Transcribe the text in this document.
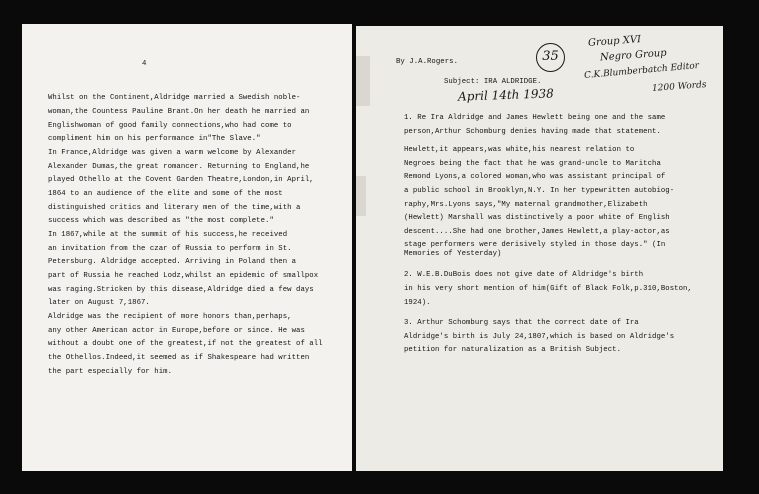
4
Whilst on the Continent,Aldridge married a Swedish noble-
woman,the Countess Pauline Brant.On her death he married an
Englishwoman of good family connections,who had come to
compliment him on his performance in"The Slave."
In France,Aldridge was given a warm welcome by Alexander
Alexander Dumas,the great romancer. Returning to England,he
played Othello at the Covent Garden Theatre,London,in April,
1864 to an audience of the elite and some of the most
distinguished critics and literary men of the time,with a
success which was described as "the most complete."
In 1867,while at the summit of his success,he received
an invitation from the czar of Russia to perform in St.
Petersburg. Aldridge accepted. Arriving in Poland then a
part of Russia he reached Lodz,whilst an epidemic of smallpox
was raging.Stricken by this disease,Aldridge died a few days
later on August 7,1867.
Aldridge was the recipient of more honors than,perhaps,
any other American actor in Europe,before or since. He was
without a doubt one of the greatest,if not the greatest of all
the Othellos.Indeed,it seemed as if Shakespeare had written
the part especially for him.
35
Group XVI
Negro Group
C.K.Blumberbatch Editor
1200 Words
By J.A.Rogers.
Subject: IRA ALDRIDGE.
April 14th 1938
1. Re Ira Aldridge and James Hewlett being one and the same
person,Arthur Schomburg denies having made that statement.
Hewlett,it appears,was white,his nearest relation to
Negroes being the fact that he was grand-uncle to Maritcha
Remond Lyons,a colored woman,who was assistant principal of
a public school in Brooklyn,N.Y. In her typewritten autobiog-
raphy,Mrs.Lyons says,"My maternal grandmother,Elizabeth
(Hewlett) Marshall was distinctively a poor white of English
descent....She had one brother,James Hewlett,a play-actor,as
stage performers were derisively styled in those days." (In
Memories of Yesterday)
2. W.E.B.DuBois does not give date of Aldridge's birth
in his very short mention of him(Gift of Black Folk,p.310,Boston,
1924).
3. Arthur Schomburg says that the correct date of Ira
Aldridge's birth is July 24,1807,which is based on Aldridge's
petition for naturalization as a British Subject.
